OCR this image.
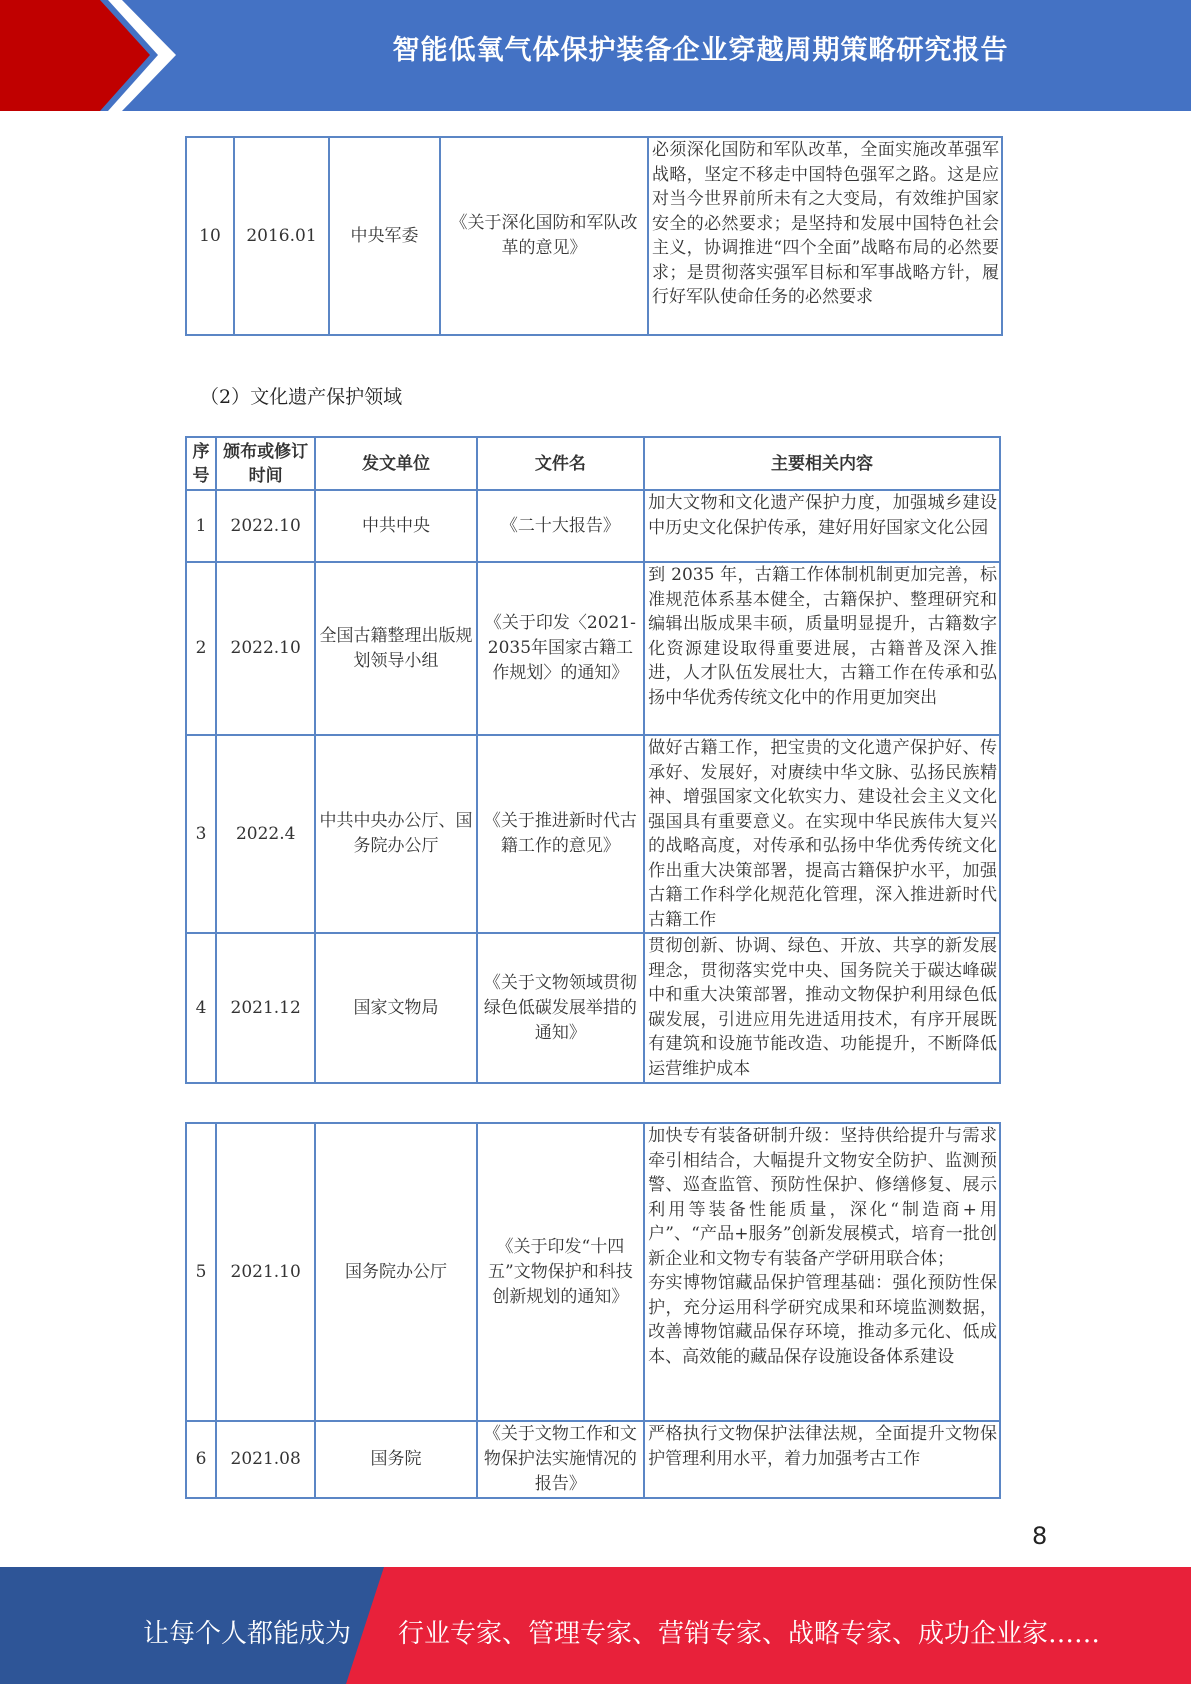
智能低氧气体保护装备企业穿越周期策略研究报告
10	2016.01	中央军委	《关于深化国防和军队改革的意见》	必须深化国防和军队改革，全面实施改革强军战略，坚定不移走中国特色强军之路。这是应对当今世界前所未有之大变局，有效维护国家安全的必然要求；是坚持和发展中国特色社会主义，协调推进“四个全面”战略布局的必然要求；是贯彻落实强军目标和军事战略方针，履行好军队使命任务的必然要求
（2）文化遗产保护领域
序号	颁布或修订时间	发文单位	文件名	主要相关内容
1	2022.10	中共中央	《二十大报告》	加大文物和文化遗产保护力度，加强城乡建设中历史文化保护传承，建好用好国家文化公园
2	2022.10	全国古籍整理出版规划领导小组	《关于印发〈2021-2035年国家古籍工作规划〉的通知》	到 2035 年，古籍工作体制机制更加完善，标准规范体系基本健全，古籍保护、整理研究和编辑出版成果丰硕，质量明显提升，古籍数字化资源建设取得重要进展，古籍普及深入推进，人才队伍发展壮大，古籍工作在传承和弘扬中华优秀传统文化中的作用更加突出
3	2022.4	中共中央办公厅、国务院办公厅	《关于推进新时代古籍工作的意见》	做好古籍工作，把宝贵的文化遗产保护好、传承好、发展好，对赓续中华文脉、弘扬民族精神、增强国家文化软实力、建设社会主义文化强国具有重要意义。在实现中华民族伟大复兴的战略高度，对传承和弘扬中华优秀传统文化作出重大决策部署，提高古籍保护水平，加强古籍工作科学化规范化管理，深入推进新时代古籍工作
4	2021.12	国家文物局	《关于文物领域贯彻绿色低碳发展举措的通知》	贯彻创新、协调、绿色、开放、共享的新发展理念，贯彻落实党中央、国务院关于碳达峰碳中和重大决策部署，推动文物保护利用绿色低碳发展，引进应用先进适用技术，有序开展既有建筑和设施节能改造、功能提升，不断降低运营维护成本
5	2021.10	国务院办公厅	《关于印发“十四五”文物保护和科技创新规划的通知》	加快专有装备研制升级：坚持供给提升与需求牵引相结合，大幅提升文物安全防护、监测预警、巡查监管、预防性保护、修缮修复、展示利用等装备性能质量，深化“制造商+用户”、“产品+服务”创新发展模式，培育一批创新企业和文物专有装备产学研用联合体；
夯实博物馆藏品保护管理基础：强化预防性保护，充分运用科学研究成果和环境监测数据，改善博物馆藏品保存环境，推动多元化、低成本、高效能的藏品保存设施设备体系建设

6	2021.08	国务院	《关于文物工作和文物保护法实施情况的报告》	严格执行文物保护法律法规，全面提升文物保护管理利用水平，着力加强考古工作
8
让每个人都能成为 行业专家、管理专家、营销专家、战略专家、成功企业家……
